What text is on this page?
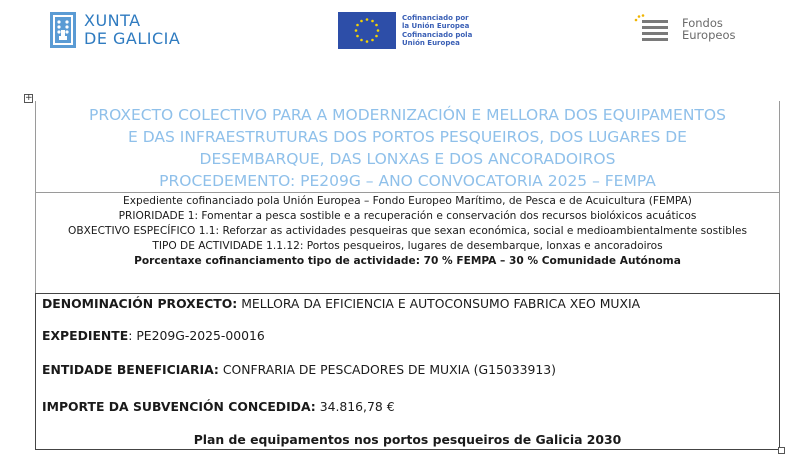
XUNTA
DE GALICIA
Cofinanciado por
la Unión Europea
Cofinanciado pola
Unión Europea
Fondos
Europeos
+
PROXECTO COLECTIVO PARA A MODERNIZACIÓN E MELLORA DOS EQUIPAMENTOS
E DAS INFRAESTRUTURAS DOS PORTOS PESQUEIROS, DOS LUGARES DE
DESEMBARQUE, DAS LONXAS E DOS ANCORADOIROS
PROCEDEMENTO: PE209G – ANO CONVOCATORIA 2025 – FEMPA
Expediente cofinanciado pola Unión Europea – Fondo Europeo Marítimo, de Pesca e de Acuicultura (FEMPA)
PRIORIDADE 1: Fomentar a pesca sostible e a recuperación e conservación dos recursos biolóxicos acuáticos
OBXECTIVO ESPECÍFICO 1.1: Reforzar as actividades pesqueiras que sexan económica, social e medioambientalmente sostibles
TIPO DE ACTIVIDADE 1.1.12: Portos pesqueiros, lugares de desembarque, lonxas e ancoradoiros
Porcentaxe cofinanciamento tipo de actividade: 70 % FEMPA – 30 % Comunidade Autónoma
DENOMINACIÓN PROXECTO: MELLORA DA EFICIENCIA E AUTOCONSUMO FABRICA XEO MUXIA
EXPEDIENTE: PE209G-2025-00016
ENTIDADE BENEFICIARIA: CONFRARIA DE PESCADORES DE MUXIA (G15033913)
IMPORTE DA SUBVENCIÓN CONCEDIDA: 34.816,78 €
Plan de equipamentos nos portos pesqueiros de Galicia 2030
